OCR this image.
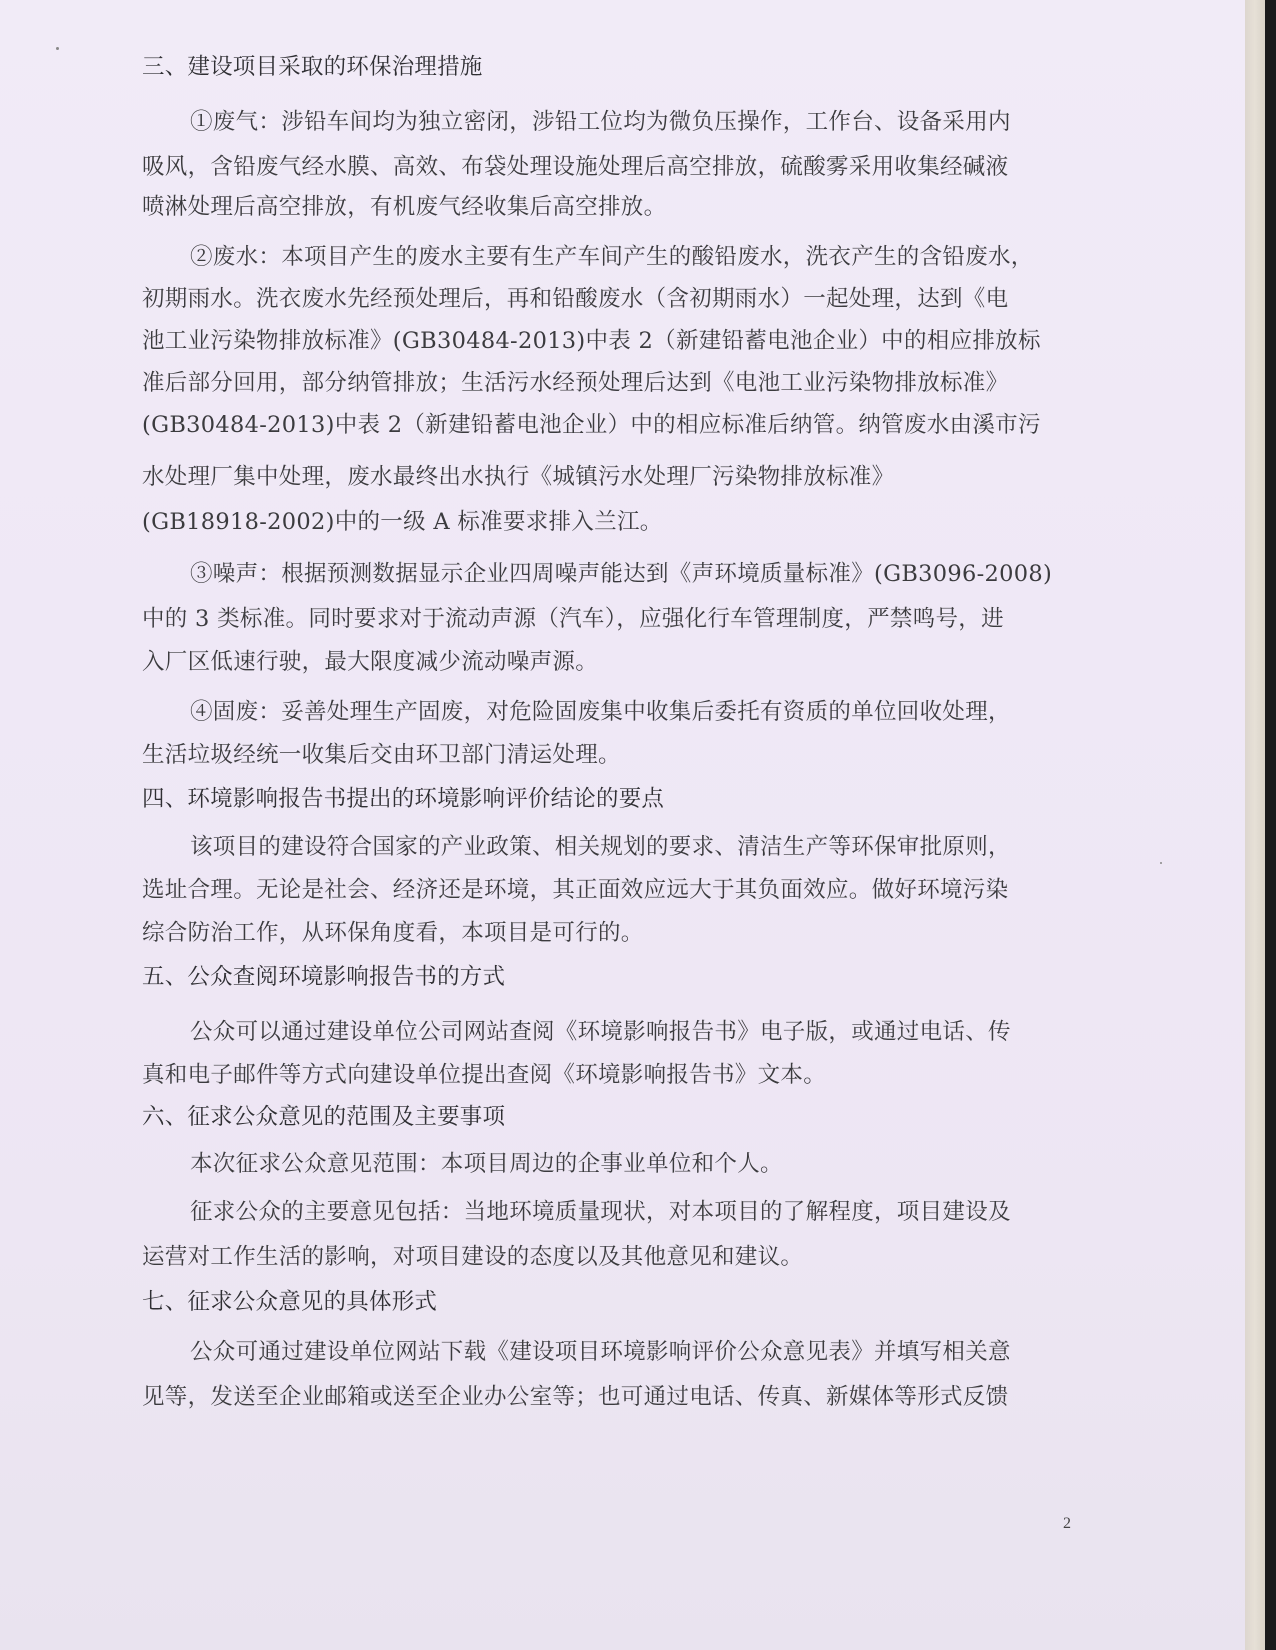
三、建设项目采取的环保治理措施
①废气：涉铅车间均为独立密闭，涉铅工位均为微负压操作，工作台、设备采用内
吸风，含铅废气经水膜、高效、布袋处理设施处理后高空排放，硫酸雾采用收集经碱液
喷淋处理后高空排放，有机废气经收集后高空排放。
②废水：本项目产生的废水主要有生产车间产生的酸铅废水，洗衣产生的含铅废水，
初期雨水。洗衣废水先经预处理后，再和铅酸废水（含初期雨水）一起处理，达到《电
池工业污染物排放标准》(GB30484-2013)中表 2（新建铅蓄电池企业）中的相应排放标
准后部分回用，部分纳管排放；生活污水经预处理后达到《电池工业污染物排放标准》
(GB30484-2013)中表 2（新建铅蓄电池企业）中的相应标准后纳管。纳管废水由溪市污
水处理厂集中处理，废水最终出水执行《城镇污水处理厂污染物排放标准》
(GB18918-2002)中的一级 A 标准要求排入兰江。
③噪声：根据预测数据显示企业四周噪声能达到《声环境质量标准》(GB3096-2008)
中的 3 类标准。同时要求对于流动声源（汽车），应强化行车管理制度，严禁鸣号，进
入厂区低速行驶，最大限度减少流动噪声源。
④固废：妥善处理生产固废，对危险固废集中收集后委托有资质的单位回收处理，
生活垃圾经统一收集后交由环卫部门清运处理。
四、环境影响报告书提出的环境影响评价结论的要点
该项目的建设符合国家的产业政策、相关规划的要求、清洁生产等环保审批原则，
选址合理。无论是社会、经济还是环境，其正面效应远大于其负面效应。做好环境污染
综合防治工作，从环保角度看，本项目是可行的。
五、公众查阅环境影响报告书的方式
公众可以通过建设单位公司网站查阅《环境影响报告书》电子版，或通过电话、传
真和电子邮件等方式向建设单位提出查阅《环境影响报告书》文本。
六、征求公众意见的范围及主要事项
本次征求公众意见范围：本项目周边的企事业单位和个人。
征求公众的主要意见包括：当地环境质量现状，对本项目的了解程度，项目建设及
运营对工作生活的影响，对项目建设的态度以及其他意见和建议。
七、征求公众意见的具体形式
公众可通过建设单位网站下载《建设项目环境影响评价公众意见表》并填写相关意
见等，发送至企业邮箱或送至企业办公室等；也可通过电话、传真、新媒体等形式反馈
2
